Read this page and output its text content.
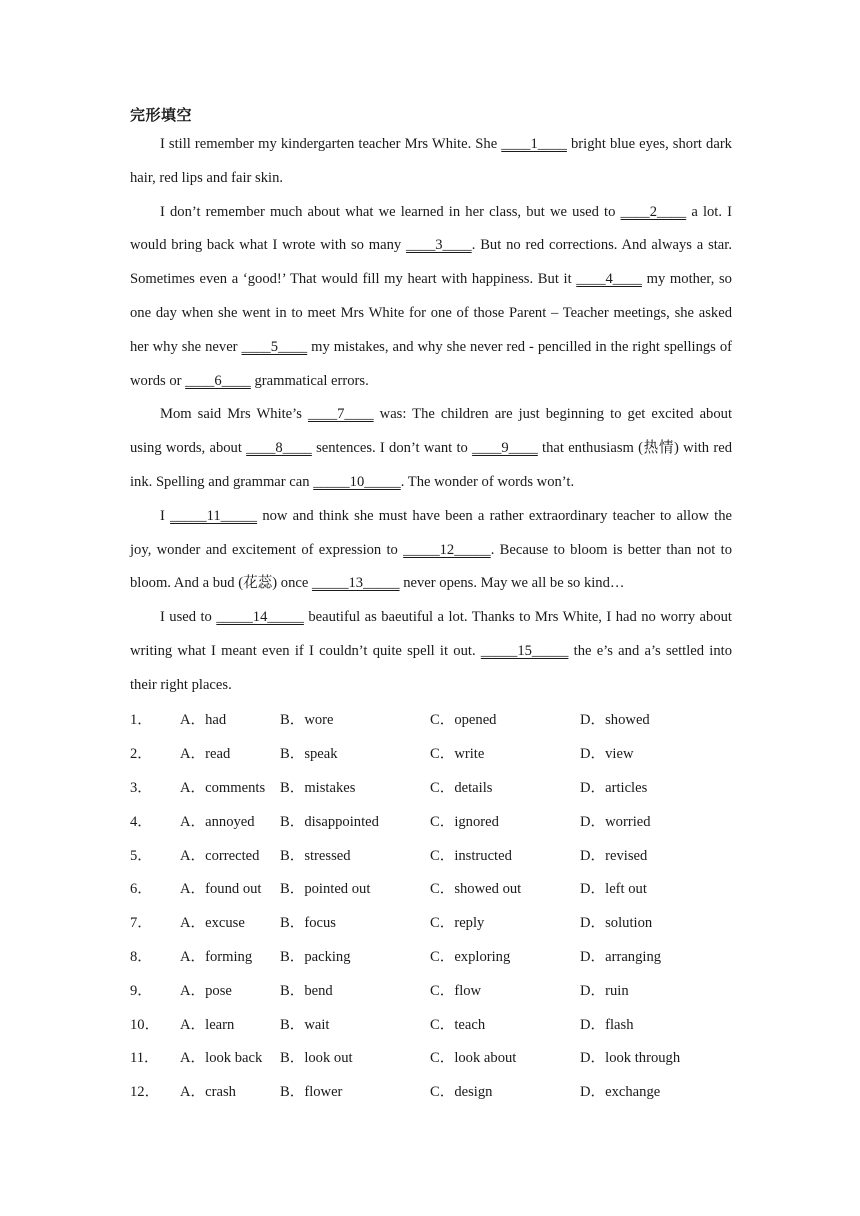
完形填空

I still remember my kindergarten teacher Mrs White. She ____1____ bright blue eyes, short dark hair, red lips and fair skin.

I don’t remember much about what we learned in her class, but we used to ____2____ a lot. I would bring back what I wrote with so many ____3____. But no red corrections. And always a star. Sometimes even a ‘good!’ That would fill my heart with happiness. But it ____4____ my mother, so one day when she went in to meet Mrs White for one of those Parent – Teacher meetings, she asked her why she never ____5____ my mistakes, and why she never red - pencilled in the right spellings of words or ____6____ grammatical errors.

Mom said Mrs White’s ____7____ was: The children are just beginning to get excited about using words, about ____8____ sentences. I don’t want to ____9____ that enthusiasm (热情) with red ink. Spelling and grammar can _____10_____. The wonder of words won’t.

I _____11_____ now and think she must have been a rather extraordinary teacher to allow the joy, wonder and excitement of expression to _____12_____. Because to bloom is better than not to bloom. And a bud (花蕊) once _____13_____ never opens. May we all be so kind…

I used to _____14_____ beautiful as baeutiful a lot. Thanks to Mrs White, I had no worry about writing what I meant even if I couldn’t quite spell it out. _____15_____ the e’s and a’s settled into their right places.

1．	A．had	B．wore	C．opened	D．showed
2．	A．read	B．speak	C．write	D．view
3．	A．comments	B．mistakes	C．details	D．articles
4．	A．annoyed	B．disappointed	C．ignored	D．worried
5．	A．corrected	B．stressed	C．instructed	D．revised
6．	A．found out	B．pointed out	C．showed out	D．left out
7．	A．excuse	B．focus	C．reply	D．solution
8．	A．forming	B．packing	C．exploring	D．arranging
9．	A．pose	B．bend	C．flow	D．ruin
10．	A．learn	B．wait	C．teach	D．flash
11．	A．look back	B．look out	C．look about	D．look through
12．	A．crash	B．flower	C．design	D．exchange
